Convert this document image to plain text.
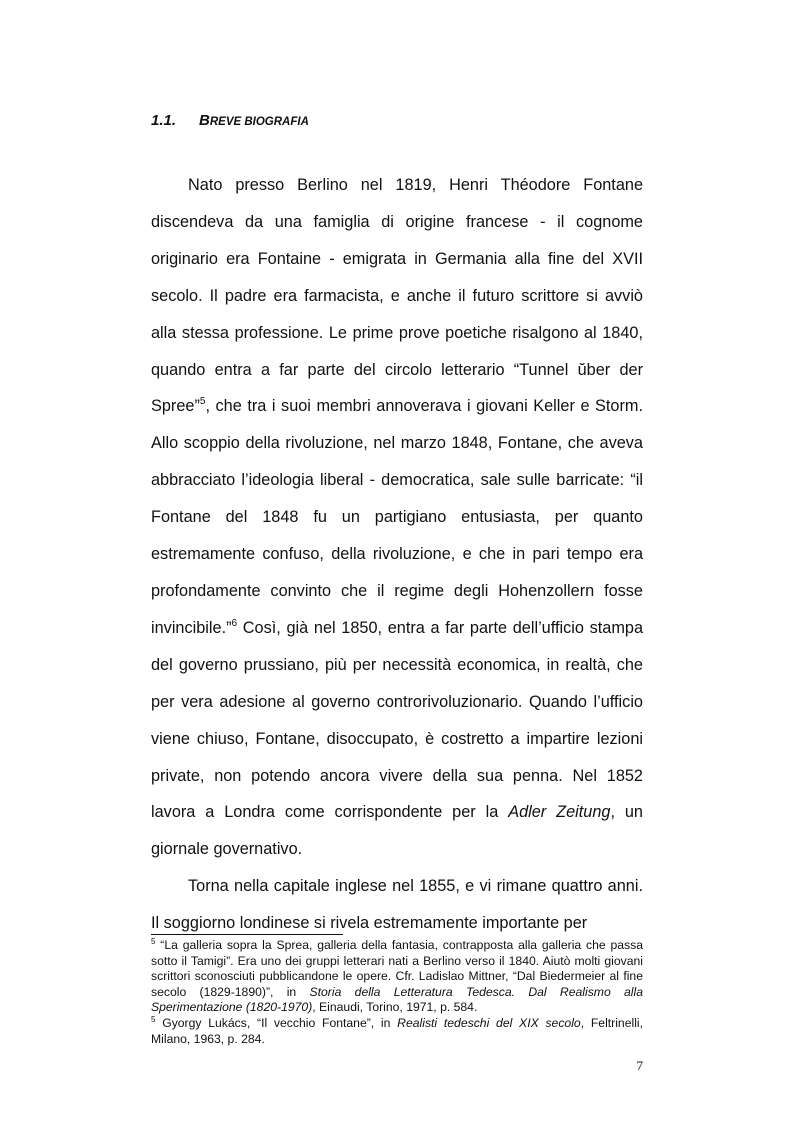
1.1. BREVE BIOGRAFIA

Nato presso Berlino nel 1819, Henri Théodore Fontane discendeva da una famiglia di origine francese - il cognome originario era Fontaine - emigrata in Germania alla fine del XVII secolo. Il padre era farmacista, e anche il futuro scrittore si avviò alla stessa professione. Le prime prove poetiche risalgono al 1840, quando entra a far parte del circolo letterario “Tunnel ŭber der Spree”$^5$, che tra i suoi membri annoverava i giovani Keller e Storm. Allo scoppio della rivoluzione, nel marzo 1848, Fontane, che aveva abbracciato l’ideologia liberal - democratica, sale sulle barricate: “il Fontane del 1848 fu un partigiano entusiasta, per quanto estremamente confuso, della rivoluzione, e che in pari tempo era profondamente convinto che il regime degli Hohenzollern fosse invincibile.”$^6$ Così, già nel 1850, entra a far parte dell’ufficio stampa del governo prussiano, più per necessità economica, in realtà, che per vera adesione al governo controrivoluzionario. Quando l’ufficio viene chiuso, Fontane, disoccupato, è costretto a impartire lezioni private, non potendo ancora vivere della sua penna. Nel 1852 lavora a Londra come corrispondente per la Adler Zeitung, un giornale governativo.

Torna nella capitale inglese nel 1855, e vi rimane quattro anni. Il soggiorno londinese si rivela estremamente importante per

$^5$ “La galleria sopra la Sprea, galleria della fantasia, contrapposta alla galleria che passa sotto il Tamigi”. Era uno dei gruppi letterari nati a Berlino verso il 1840. Aiutò molti giovani scrittori sconosciuti pubblicandone le opere. Cfr. Ladislao Mittner, “Dal Biedermeier al fine secolo (1829-1890)”, in Storia della Letteratura Tedesca. Dal Realismo alla Sperimentazione (1820-1970), Einaudi, Torino, 1971, p. 584.

$^5$ Gyorgy Lukács, “Il vecchio Fontane”, in Realisti tedeschi del XIX secolo, Feltrinelli, Milano, 1963, p. 284.

7
